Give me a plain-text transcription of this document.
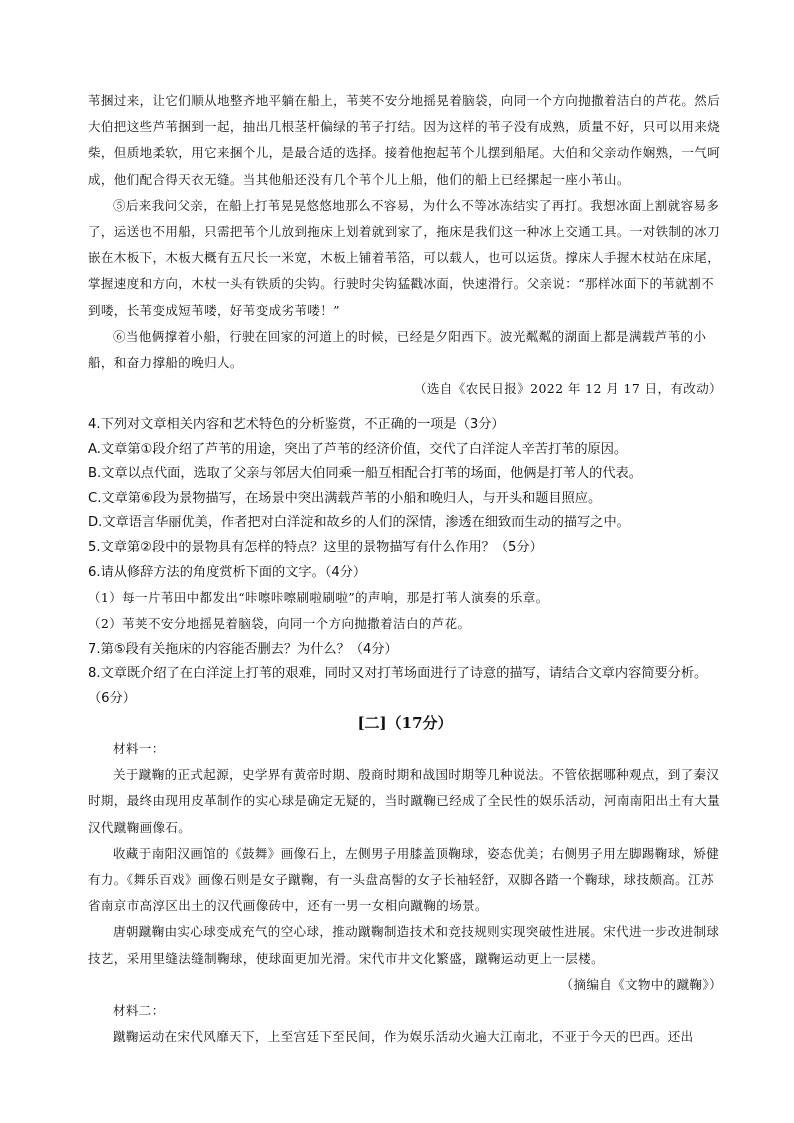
苇捆过来，让它们顺从地整齐地平躺在船上，苇荚不安分地摇晃着脑袋，向同一个方向抛撒着洁白的芦花。然后大伯把这些芦苇捆到一起，抽出几根茎杆偏绿的苇子打结。因为这样的苇子没有成熟，质量不好，只可以用来烧柴，但质地柔软，用它来捆个儿，是最合适的选择。接着他抱起苇个儿摆到船尾。大伯和父亲动作娴熟，一气呵成，他们配合得天衣无缝。当其他船还没有几个苇个儿上船，他们的船上已经摞起一座小苇山。

⑤后来我问父亲，在船上打苇晃晃悠悠地那么不容易，为什么不等冰冻结实了再打。我想冰面上割就容易多了，运送也不用船，只需把苇个儿放到拖床上划着就到家了，拖床是我们这一种冰上交通工具。一对铁制的冰刀嵌在木板下，木板大概有五尺长一米宽，木板上铺着苇箔，可以载人，也可以运货。撑床人手握木杖站在床尾，掌握速度和方向，木杖一头有铁质的尖钩。行驶时尖钩猛戳冰面，快速滑行。父亲说：“那样冰面下的苇就割不到喽，长苇变成短苇喽，好苇变成劣苇喽！”

⑥当他俩撑着小船，行驶在回家的河道上的时候，已经是夕阳西下。波光粼粼的湖面上都是满载芦苇的小船，和奋力撑船的晚归人。

（选自《农民日报》2022 年 12 月 17 日，有改动）

4.下列对文章相关内容和艺术特色的分析鉴赏，不正确的一项是（3分）

A.文章第①段介绍了芦苇的用途，突出了芦苇的经济价值，交代了白洋淀人辛苦打苇的原因。

B.文章以点代面，选取了父亲与邻居大伯同乘一船互相配合打苇的场面，他俩是打苇人的代表。

C.文章第⑥段为景物描写，在场景中突出满载芦苇的小船和晚归人，与开头和题目照应。

D.文章语言华丽优美，作者把对白洋淀和故乡的人们的深情，渗透在细致而生动的描写之中。

5.文章第②段中的景物具有怎样的特点？这里的景物描写有什么作用？（5分）

6.请从修辞方法的角度赏析下面的文字。（4分）

（1）每一片苇田中都发出“咔嚓咔嚓刷啦刷啦”的声响，那是打苇人演奏的乐章。

（2）苇荚不安分地摇晃着脑袋，向同一个方向抛撒着洁白的芦花。

7.第⑤段有关拖床的内容能否删去？为什么？（4分）

8.文章既介绍了在白洋淀上打苇的艰难，同时又对打苇场面进行了诗意的描写，请结合文章内容简要分析。（6分）

[二]（17分）

材料一：

关于蹴鞠的正式起源，史学界有黄帝时期、殷商时期和战国时期等几种说法。不管依据哪种观点，到了秦汉时期，最终由现用皮革制作的实心球是确定无疑的，当时蹴鞠已经成了全民性的娱乐活动，河南南阳出土有大量汉代蹴鞠画像石。

收藏于南阳汉画馆的《鼓舞》画像石上，左侧男子用膝盖顶鞠球，姿态优美；右侧男子用左脚踢鞠球，矫健有力。《舞乐百戏》画像石则是女子蹴鞠，有一头盘高髻的女子长袖轻舒，双脚各踏一个鞠球，球技颇高。江苏省南京市高淳区出土的汉代画像砖中，还有一男一女相向蹴鞠的场景。

唐朝蹴鞠由实心球变成充气的空心球，推动蹴鞠制造技术和竞技规则实现突破性进展。宋代进一步改进制球技艺，采用里缝法缝制鞠球，使球面更加光滑。宋代市井文化繁盛，蹴鞠运动更上一层楼。

（摘编自《文物中的蹴鞠》）

材料二：

蹴鞠运动在宋代风靡天下，上至宫廷下至民间，作为娱乐活动火遍大江南北，不亚于今天的巴西。还出
